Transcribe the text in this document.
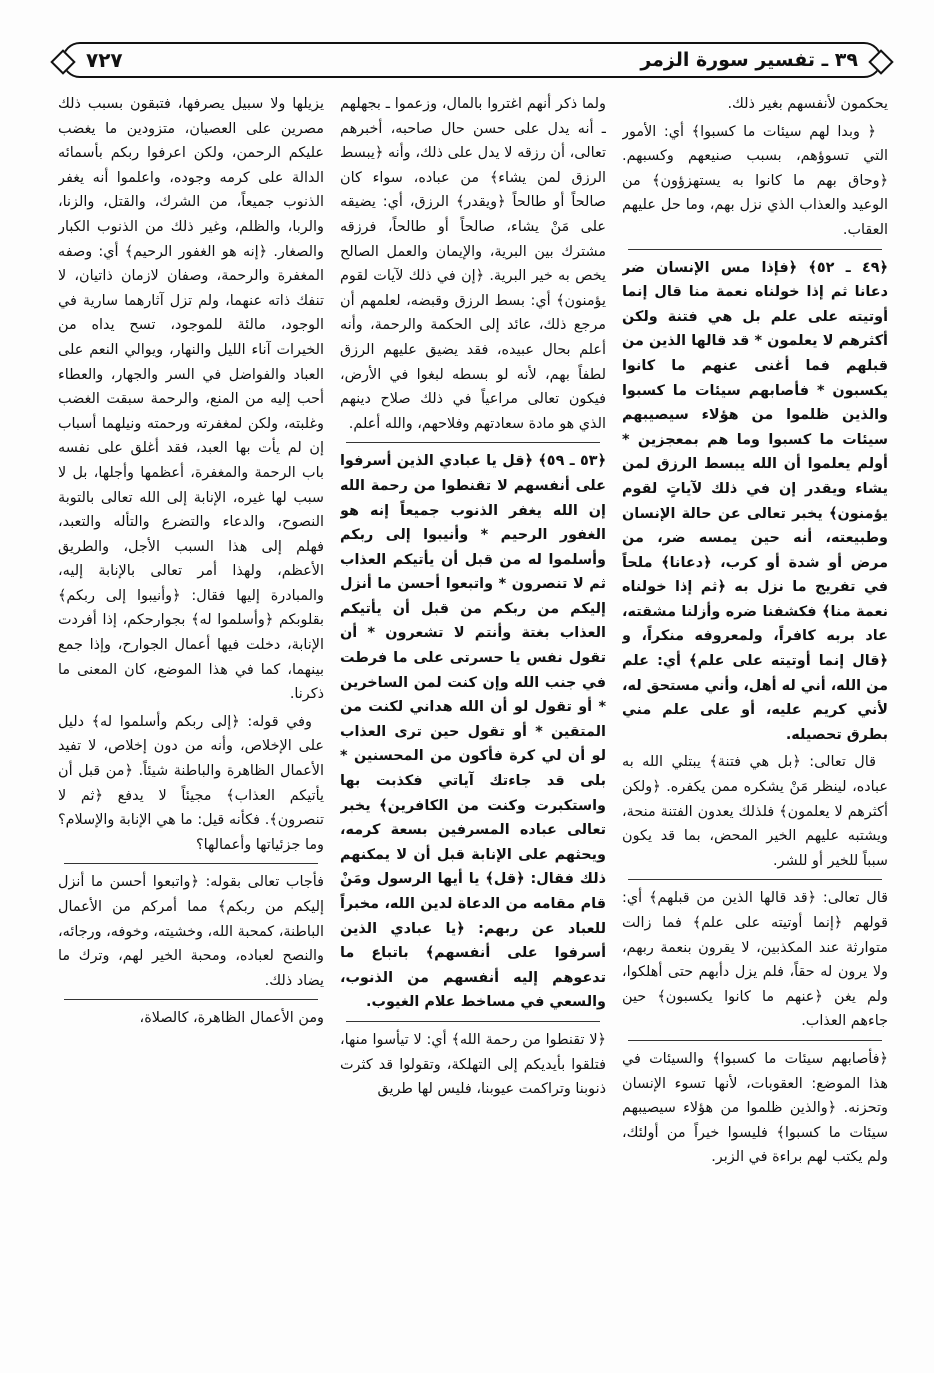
٣٩ ـ تفسير سورة الزمر
٧٢٧

يحكمون لأنفسهم بغير ذلك.

﴿ وبدا لهم سيئات ما كسبوا﴾ أي: الأمور التي تسوؤهم، بسبب صنيعهم وكسبهم. ﴿وحاق بهم ما كانوا به يستهزؤون﴾ من الوعيد والعذاب الذي نزل بهم، وما حل عليهم العقاب.

﴿٤٩ ـ ٥٢﴾ ﴿فإذا مس الإنسان ضر دعانا ثم إذا خولناه نعمة منا قال إنما أوتيته على علم بل هي فتنة ولكن أكثرهم لا يعلمون * قد قالها الذين من قبلهم فما أغنى عنهم ما كانوا يكسبون * فأصابهم سيئات ما كسبوا والذين ظلموا من هؤلاء سيصيبهم سيئات ما كسبوا وما هم بمعجزين * أولم يعلموا أن الله يبسط الرزق لمن يشاء ويقدر إن في ذلك لآياتٍ لقوم يؤمنون﴾ يخبر تعالى عن حالة الإنسان وطبيعته، أنه حين يمسه ضر، من مرض أو شدة أو كرب، ﴿دعانا﴾ ملحاً في تفريج ما نزل به ﴿ثم إذا خولناه نعمة منا﴾ فكشفنا ضره وأزلنا مشقته، عاد بربه كافراً، ولمعروفه منكراً، و ﴿قال إنما أوتيته على علم﴾ أي: علم من الله، أني له أهل، وأني مستحق له، لأني كريم عليه، أو على علم مني بطرق تحصيله.

قال تعالى: ﴿بل هي فتنة﴾ يبتلي الله به عباده، لينظر مَنْ يشكره ممن يكفره. ﴿ولكن أكثرهم لا يعلمون﴾ فلذلك يعدون الفتنة منحة، ويشتبه عليهم الخير المحض، بما قد يكون سبباً للخير أو للشر.

قال تعالى: ﴿قد قالها الذين من قبلهم﴾ أي: قولهم ﴿إنما أوتيته على علم﴾ فما زالت متوارثة عند المكذبين، لا يقرون بنعمة ربهم، ولا يرون له حقاً، فلم يزل دأبهم حتى أهلكوا، ولم يغن ﴿عنهم ما كانوا يكسبون﴾ حين جاءهم العذاب.

﴿فأصابهم سيئات ما كسبوا﴾ والسيئات في هذا الموضع: العقوبات، لأنها تسوء الإنسان وتحزنه. ﴿والذين ظلموا من هؤلاء سيصيبهم سيئات ما كسبوا﴾ فليسوا خيراً من أولئك، ولم يكتب لهم براءة في الزبر.

ولما ذكر أنهم اغتروا بالمال، وزعموا ـ بجهلهم ـ أنه يدل على حسن حال صاحبه، أخبرهم تعالى، أن رزقه لا يدل على ذلك، وأنه ﴿يبسط الرزق لمن يشاء﴾ من عباده، سواء كان صالحاً أو طالحاً ﴿ويقدر﴾ الرزق، أي: يضيقه على مَنْ يشاء، صالحاً أو طالحاً، فرزقه مشترك بين البرية، والإيمان والعمل الصالح يخص به خير البرية. ﴿إن في ذلك لآيات لقوم يؤمنون﴾ أي: بسط الرزق وقبضه، لعلمهم أن مرجع ذلك، عائد إلى الحكمة والرحمة، وأنه أعلم بحال عبيده، فقد يضيق عليهم الرزق لطفاً بهم، لأنه لو بسطه لبغوا في الأرض، فيكون تعالى مراعياً في ذلك صلاح دينهم الذي هو مادة سعادتهم وفلاحهم، والله أعلم.

﴿٥٣ ـ ٥٩﴾ ﴿قل يا عبادي الذين أسرفوا على أنفسهم لا تقنطوا من رحمة الله إن الله يغفر الذنوب جميعاً إنه هو الغفور الرحيم * وأنيبوا إلى ربكم وأسلموا له من قبل أن يأتيكم العذاب ثم لا تنصرون * واتبعوا أحسن ما أنزل إليكم من ربكم من قبل أن يأتيكم العذاب بغتة وأنتم لا تشعرون * أن تقول نفس يا حسرتى على ما فرطت في جنب الله وإن كنت لمن الساخرين * أو تقول لو أن الله هداني لكنت من المتقين * أو تقول حين ترى العذاب لو أن لي كرة فأكون من المحسنين * بلى قد جاءتك آياتي فكذبت بها واستكبرت وكنت من الكافرين﴾ يخبر تعالى عباده المسرفين بسعة كرمه، ويحثهم على الإنابة قبل أن لا يمكنهم ذلك فقال: ﴿قل﴾ يا أيها الرسول ومَنْ قام مقامه من الدعاة لدين الله، مخبراً للعباد عن ربهم: ﴿يا عبادي الذين أسرفوا على أنفسهم﴾ باتباع ما تدعوهم إليه أنفسهم من الذنوب، والسعي في مساخط علام الغيوب.

﴿لا تقنطوا من رحمة الله﴾ أي: لا تيأسوا منها، فتلقوا بأيديكم إلى التهلكة، وتقولوا قد كثرت ذنوبنا وتراكمت عيوبنا، فليس لها طريق

يزيلها ولا سبيل يصرفها، فتبقون بسبب ذلك مصرين على العصيان، متزودين ما يغضب عليكم الرحمن، ولكن اعرفوا ربكم بأسمائه الدالة على كرمه وجوده، واعلموا أنه يغفر الذنوب جميعاً، من الشرك، والقتل، والزنا، والربا، والظلم، وغير ذلك من الذنوب الكبار والصغار. ﴿إنه هو الغفور الرحيم﴾ أي: وصفه المغفرة والرحمة، وصفان لازمان ذاتيان، لا تنفك ذاته عنهما، ولم تزل آثارهما سارية في الوجود، مالئة للموجود، تسح يداه من الخيرات آناء الليل والنهار، ويوالي النعم على العباد والفواضل في السر والجهار، والعطاء أحب إليه من المنع، والرحمة سبقت الغضب وغلبته، ولكن لمغفرته ورحمته ونيلهما أسباب إن لم يأت بها العبد، فقد أغلق على نفسه باب الرحمة والمغفرة، أعظمها وأجلها، بل لا سبب لها غيره، الإنابة إلى الله تعالى بالتوبة النصوح، والدعاء والتضرع والتأله والتعبد، فهلم إلى هذا السبب الأجل، والطريق الأعظم، ولهذا أمر تعالى بالإنابة إليه، والمبادرة إليها فقال: ﴿وأنيبوا إلى ربكم﴾ بقلوبكم ﴿وأسلموا له﴾ بجوارحكم، إذا أفردت الإنابة، دخلت فيها أعمال الجوارح، وإذا جمع بينهما، كما في هذا الموضع، كان المعنى ما ذكرنا.

وفي قوله: ﴿إلى ربكم وأسلموا له﴾ دليل على الإخلاص، وأنه من دون إخلاص، لا تفيد الأعمال الظاهرة والباطنة شيئاً. ﴿من قبل أن يأتيكم العذاب﴾ مجيئاً لا يدفع ﴿ثم لا تنصرون﴾. فكأنه قيل: ما هي الإنابة والإسلام؟ وما جزئياتها وأعمالها؟

فأجاب تعالى بقوله: ﴿واتبعوا أحسن ما أنزل إليكم من ربكم﴾ مما أمركم من الأعمال الباطنة، كمحبة الله، وخشيته، وخوفه، ورجائه، والنصح لعباده، ومحبة الخير لهم، وترك ما يضاد ذلك.

ومن الأعمال الظاهرة، كالصلاة،
